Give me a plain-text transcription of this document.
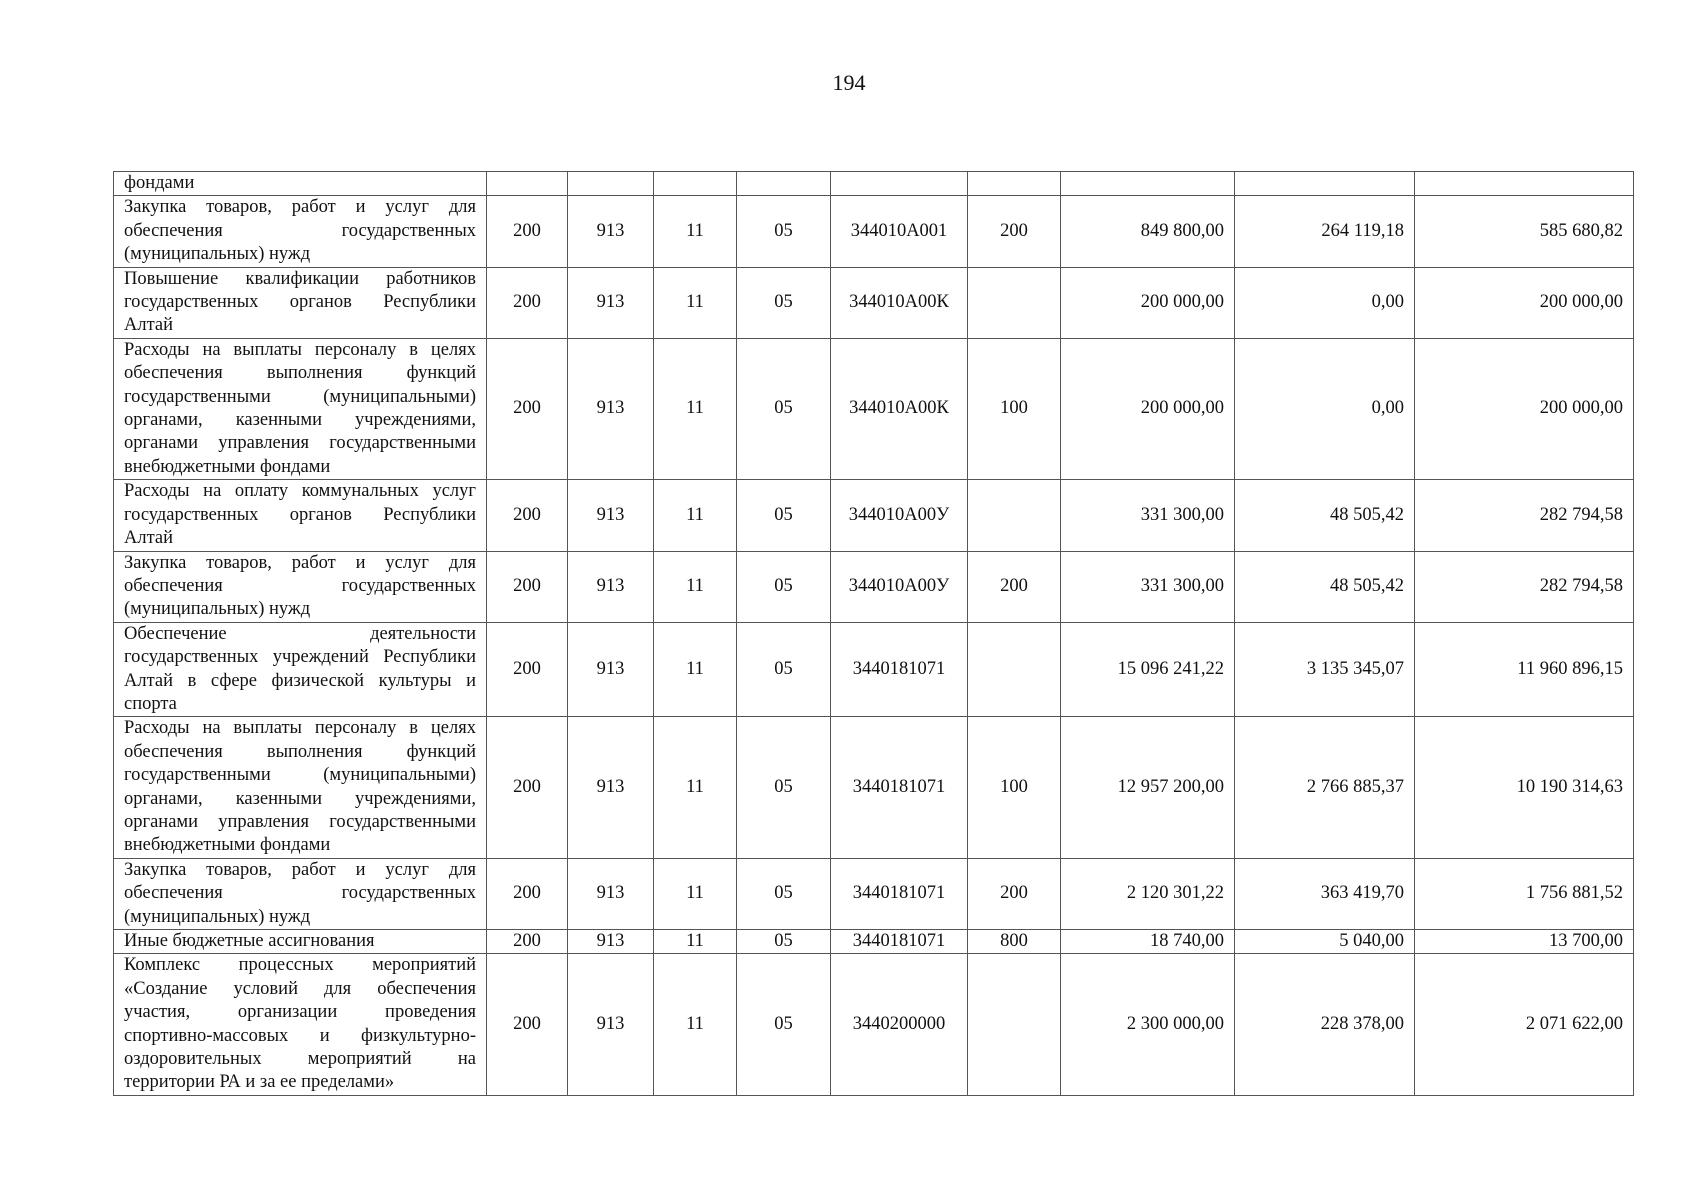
194
фондами									
Закупка товаров, работ и услуг для обеспечения государственных (муниципальных) нужд	200	913	11	05	344010A001	200	849 800,00	264 119,18	585 680,82
Повышение квалификации работников государственных органов Республики Алтай	200	913	11	05	344010A00К		200 000,00	0,00	200 000,00
Расходы на выплаты персоналу в целях обеспечения выполнения функций государственными (муниципальными) органами, казенными учреждениями, органами управления государственными внебюджетными фондами	200	913	11	05	344010A00К	100	200 000,00	0,00	200 000,00
Расходы на оплату коммунальных услуг государственных органов Республики Алтай	200	913	11	05	344010A00У		331 300,00	48 505,42	282 794,58
Закупка товаров, работ и услуг для обеспечения государственных (муниципальных) нужд	200	913	11	05	344010A00У	200	331 300,00	48 505,42	282 794,58
Обеспечение деятельности государственных учреждений Республики Алтай в сфере физической культуры и спорта	200	913	11	05	3440181071		15 096 241,22	3 135 345,07	11 960 896,15
Расходы на выплаты персоналу в целях обеспечения выполнения функций государственными (муниципальными) органами, казенными учреждениями, органами управления государственными внебюджетными фондами	200	913	11	05	3440181071	100	12 957 200,00	2 766 885,37	10 190 314,63
Закупка товаров, работ и услуг для обеспечения государственных (муниципальных) нужд	200	913	11	05	3440181071	200	2 120 301,22	363 419,70	1 756 881,52
Иные бюджетные ассигнования	200	913	11	05	3440181071	800	18 740,00	5 040,00	13 700,00
Комплекс процессных мероприятий «Создание условий для обеспечения участия, организации проведения спортивно-массовых и физкультурно-оздоровительных мероприятий на территории РА и за ее пределами»	200	913	11	05	3440200000		2 300 000,00	228 378,00	2 071 622,00
